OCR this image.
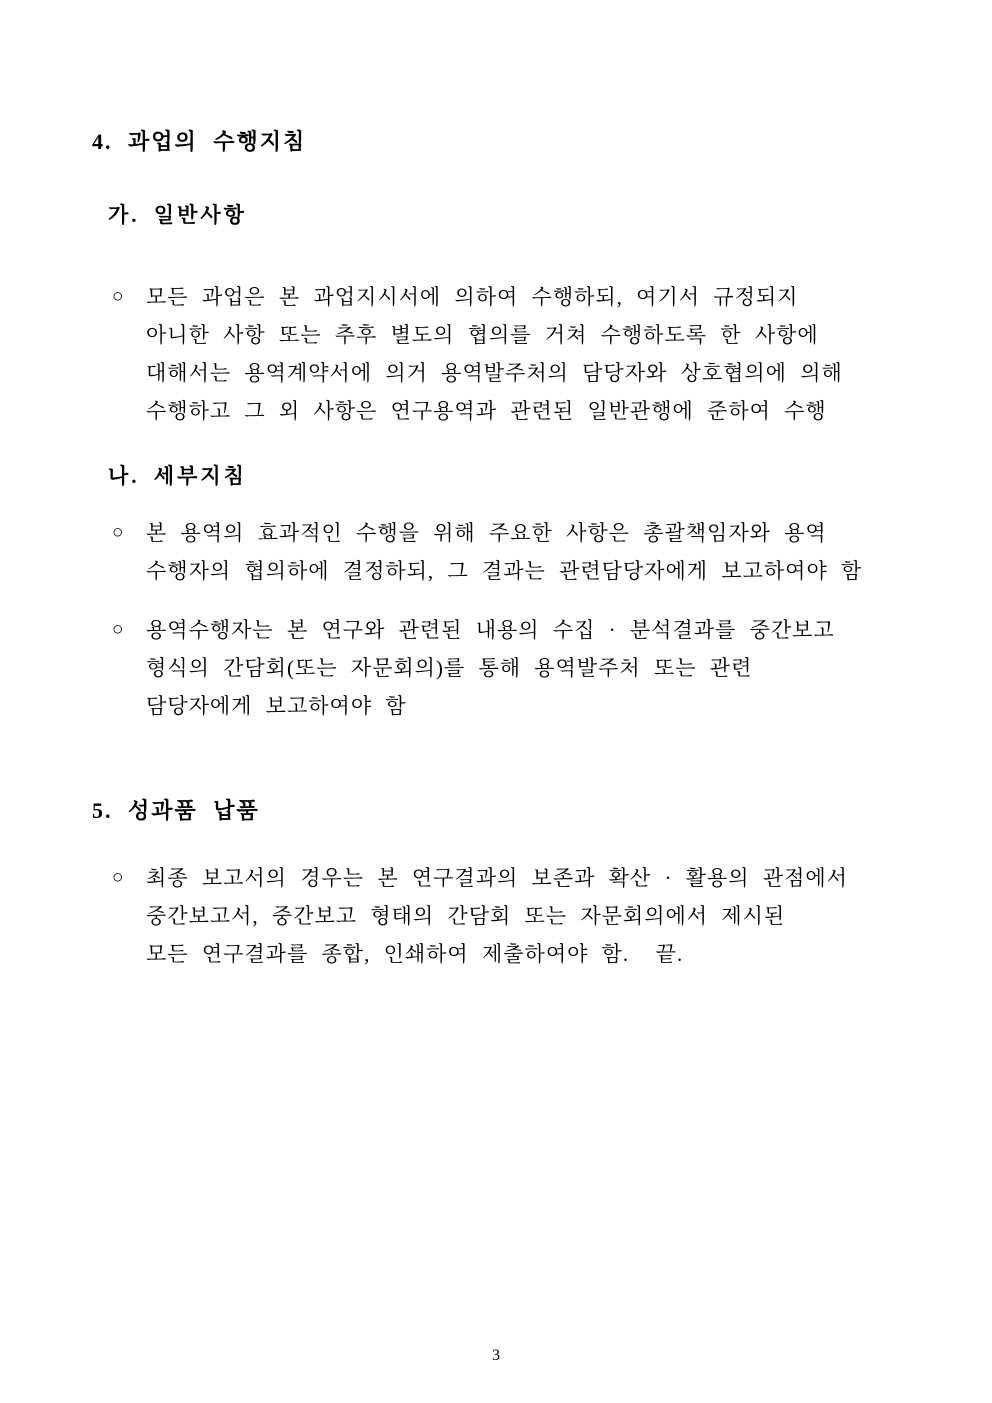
4. 과업의 수행지침
가. 일반사항
○	모든 과업은 본 과업지시서에 의하여 수행하되, 여기서 규정되지
아니한 사항 또는 추후 별도의 협의를 거쳐 수행하도록 한 사항에
대해서는 용역계약서에 의거 용역발주처의 담당자와 상호협의에 의해
수행하고 그 외 사항은 연구용역과 관련된 일반관행에 준하여 수행
나. 세부지침
○	본 용역의 효과적인 수행을 위해 주요한 사항은 총괄책임자와 용역
수행자의 협의하에 결정하되, 그 결과는 관련담당자에게 보고하여야 함
○	용역수행자는 본 연구와 관련된 내용의 수집 · 분석결과를 중간보고
형식의 간담회(또는 자문회의)를 통해 용역발주처 또는 관련
담당자에게 보고하여야 함
5. 성과품 납품
○	최종 보고서의 경우는 본 연구결과의 보존과 확산 · 활용의 관점에서
중간보고서, 중간보고 형태의 간담회 또는 자문회의에서 제시된
모든 연구결과를 종합, 인쇄하여 제출하여야 함.  끝.
3
